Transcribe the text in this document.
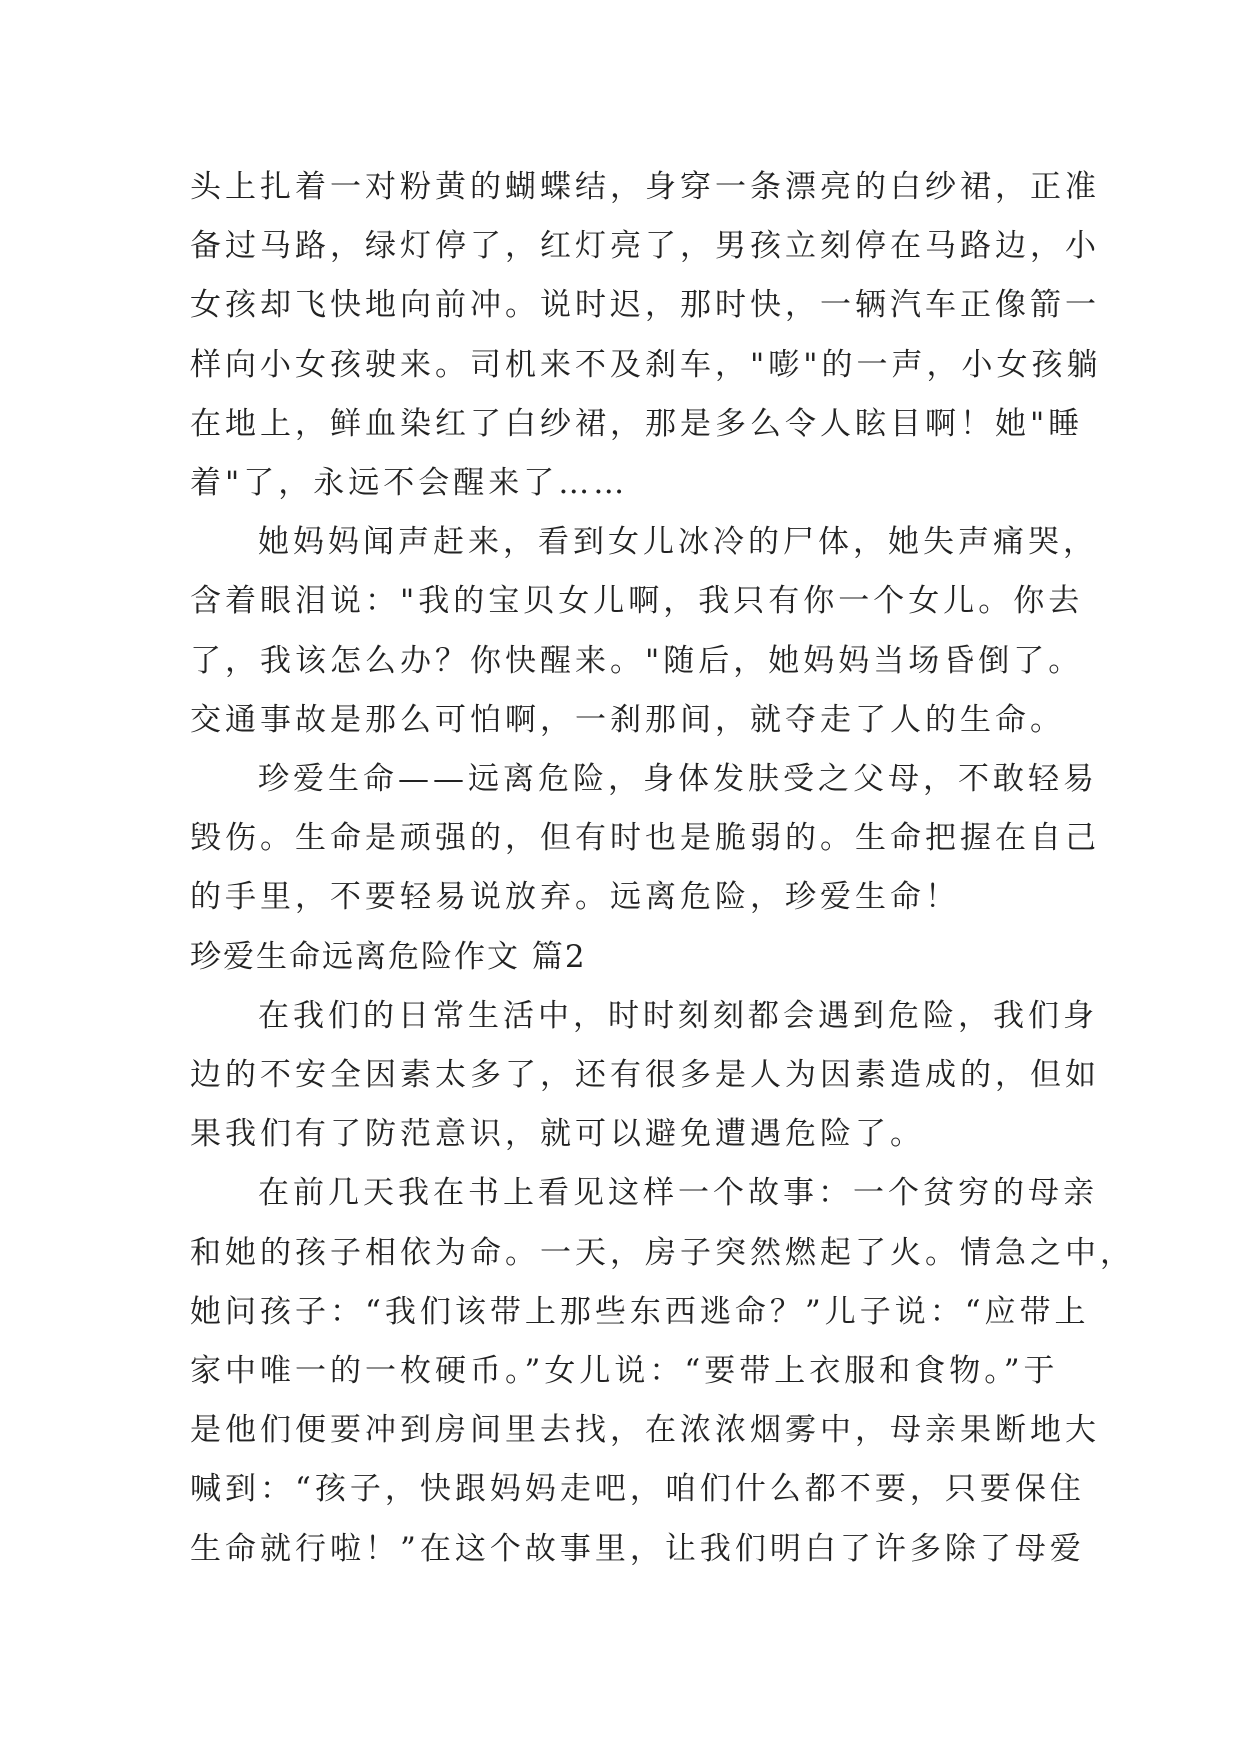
头上扎着一对粉黄的蝴蝶结，身穿一条漂亮的白纱裙，正准

备过马路，绿灯停了，红灯亮了，男孩立刻停在马路边，小

女孩却飞快地向前冲。说时迟，那时快，一辆汽车正像箭一

样向小女孩驶来。司机来不及刹车，"嘭"的一声，小女孩躺

在地上，鲜血染红了白纱裙，那是多么令人眩目啊！她"睡

着"了，永远不会醒来了……

她妈妈闻声赶来，看到女儿冰冷的尸体，她失声痛哭，

含着眼泪说："我的宝贝女儿啊，我只有你一个女儿。你去

了，我该怎么办？你快醒来。"随后，她妈妈当场昏倒了。

交通事故是那么可怕啊，一刹那间，就夺走了人的生命。

珍爱生命——远离危险，身体发肤受之父母，不敢轻易

毁伤。生命是顽强的，但有时也是脆弱的。生命把握在自己

的手里，不要轻易说放弃。远离危险，珍爱生命！

珍爱生命远离危险作文 篇2

在我们的日常生活中，时时刻刻都会遇到危险，我们身

边的不安全因素太多了，还有很多是人为因素造成的，但如

果我们有了防范意识，就可以避免遭遇危险了。

在前几天我在书上看见这样一个故事：一个贫穷的母亲

和她的孩子相依为命。一天，房子突然燃起了火。情急之中，

她问孩子：“我们该带上那些东西逃命？”儿子说：“应带上

家中唯一的一枚硬币。”女儿说：“要带上衣服和食物。”于

是他们便要冲到房间里去找，在浓浓烟雾中，母亲果断地大

喊到：“孩子，快跟妈妈走吧，咱们什么都不要，只要保住

生命就行啦！”在这个故事里，让我们明白了许多除了母爱
